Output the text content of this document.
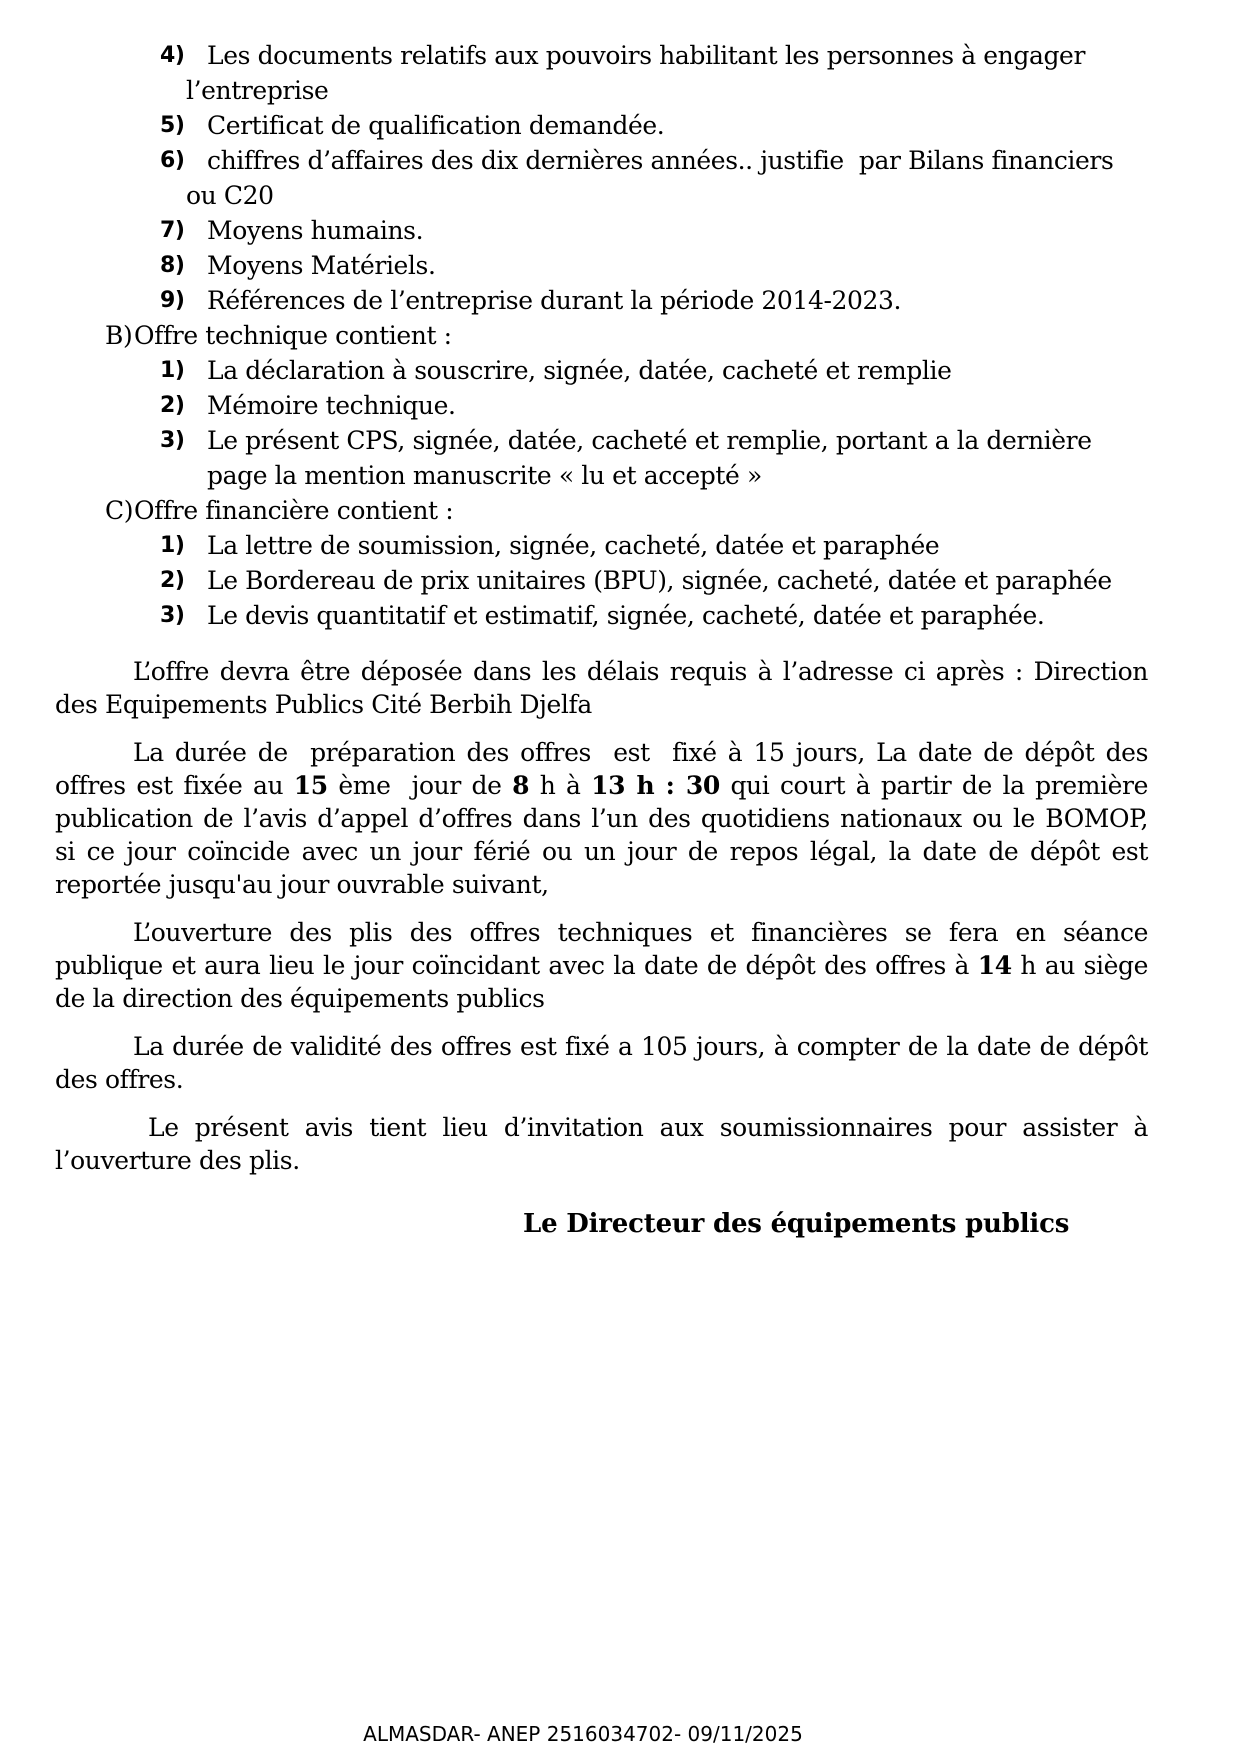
4) Les documents relatifs aux pouvoirs habilitant les personnes à engager l’entreprise
5) Certificat de qualification demandée.
6) chiffres d’affaires des dix dernières années.. justifie  par Bilans financiers ou C20
7) Moyens humains.
8) Moyens Matériels.
9) Références de l’entreprise durant la période 2014-2023.
B)Offre technique contient :
1) La déclaration à souscrire, signée, datée, cacheté et remplie
2) Mémoire technique.
3) Le présent CPS, signée, datée, cacheté et remplie, portant a la dernière page la mention manuscrite « lu et accepté »
C)Offre financière contient :
1) La lettre de soumission, signée, cacheté, datée et paraphée
2) Le Bordereau de prix unitaires (BPU), signée, cacheté, datée et paraphée
3) Le devis quantitatif et estimatif, signée, cacheté, datée et paraphée.

L’offre devra être déposée dans les délais requis à l’adresse ci après : Direction des Equipements Publics Cité Berbih Djelfa

La durée de  préparation des offres  est  fixé à 15 jours, La date de dépôt des offres est fixée au 15 ème  jour de 8 h à 13 h : 30 qui court à partir de la première publication de l’avis d’appel d’offres dans l’un des quotidiens nationaux ou le BOMOP,  si ce jour coïncide avec un jour férié ou un jour de repos légal, la date de dépôt est reportée jusqu'au jour ouvrable suivant,

L’ouverture des plis des offres techniques et financières se fera en séance publique et aura lieu le jour coïncidant avec la date de dépôt des offres à 14 h au siège de la direction des équipements publics

La durée de validité des offres est fixé a 105 jours, à compter de la date de dépôt des offres.

Le présent avis tient lieu d’invitation aux soumissionnaires pour assister à l’ouverture des plis.

Le Directeur des équipements publics
ALMASDAR- ANEP 2516034702- 09/11/2025
